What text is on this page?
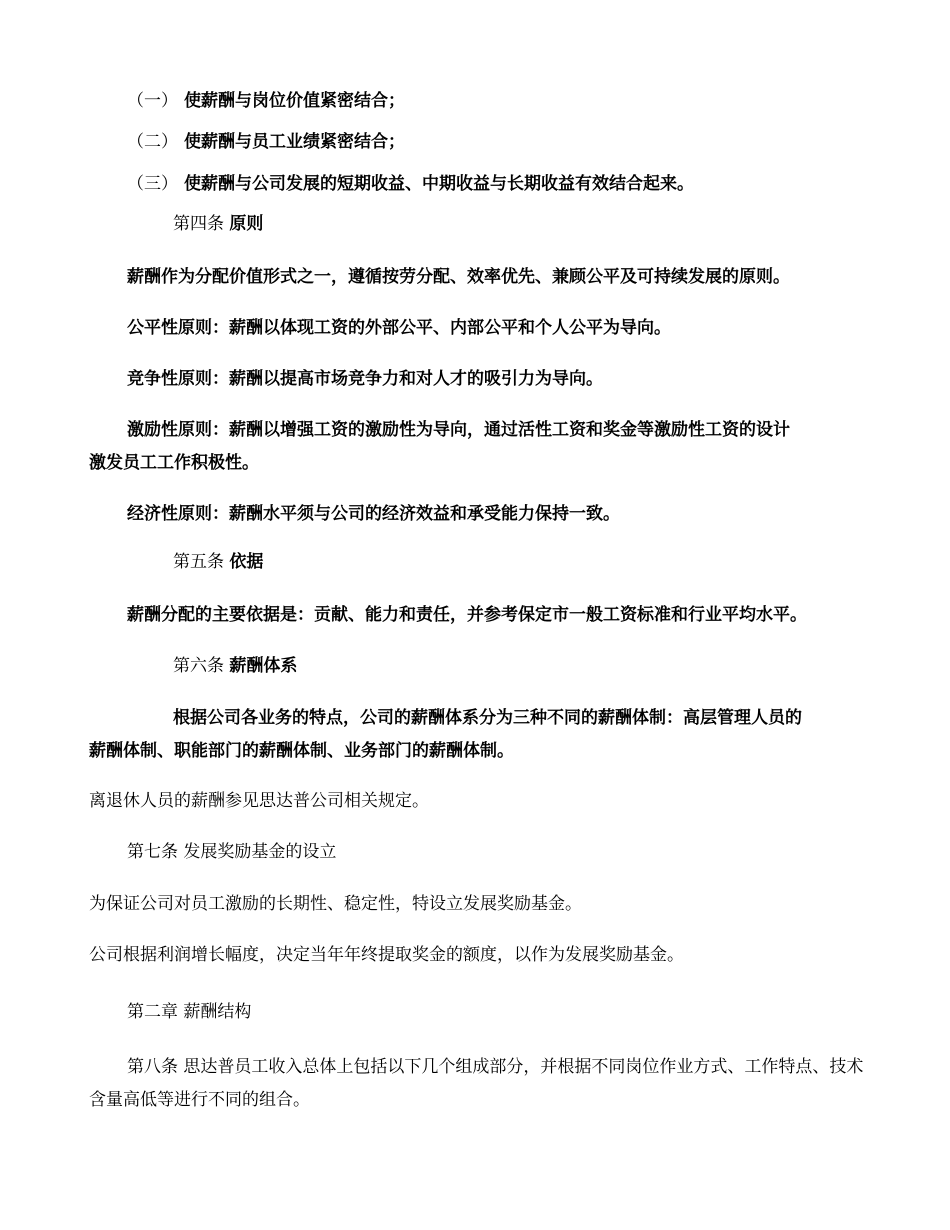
（一） 使薪酬与岗位价值紧密结合；
（二） 使薪酬与员工业绩紧密结合；
（三） 使薪酬与公司发展的短期收益、中期收益与长期收益有效结合起来。
第四条 原则
薪酬作为分配价值形式之一，遵循按劳分配、效率优先、兼顾公平及可持续发展的原则。
公平性原则：薪酬以体现工资的外部公平、内部公平和个人公平为导向。
竞争性原则：薪酬以提高市场竞争力和对人才的吸引力为导向。
激励性原则：薪酬以增强工资的激励性为导向，通过活性工资和奖金等激励性工资的设计
激发员工工作积极性。
经济性原则：薪酬水平须与公司的经济效益和承受能力保持一致。
第五条 依据
薪酬分配的主要依据是：贡献、能力和责任，并参考保定市一般工资标准和行业平均水平。
第六条 薪酬体系
根据公司各业务的特点，公司的薪酬体系分为三种不同的薪酬体制：高层管理人员的
薪酬体制、职能部门的薪酬体制、业务部门的薪酬体制。
离退休人员的薪酬参见思达普公司相关规定。
第七条 发展奖励基金的设立
为保证公司对员工激励的长期性、稳定性，特设立发展奖励基金。
公司根据利润增长幅度，决定当年年终提取奖金的额度，以作为发展奖励基金。
第二章 薪酬结构
第八条 思达普员工收入总体上包括以下几个组成部分，并根据不同岗位作业方式、工作特点、技术含量高低等进行不同的组合。
